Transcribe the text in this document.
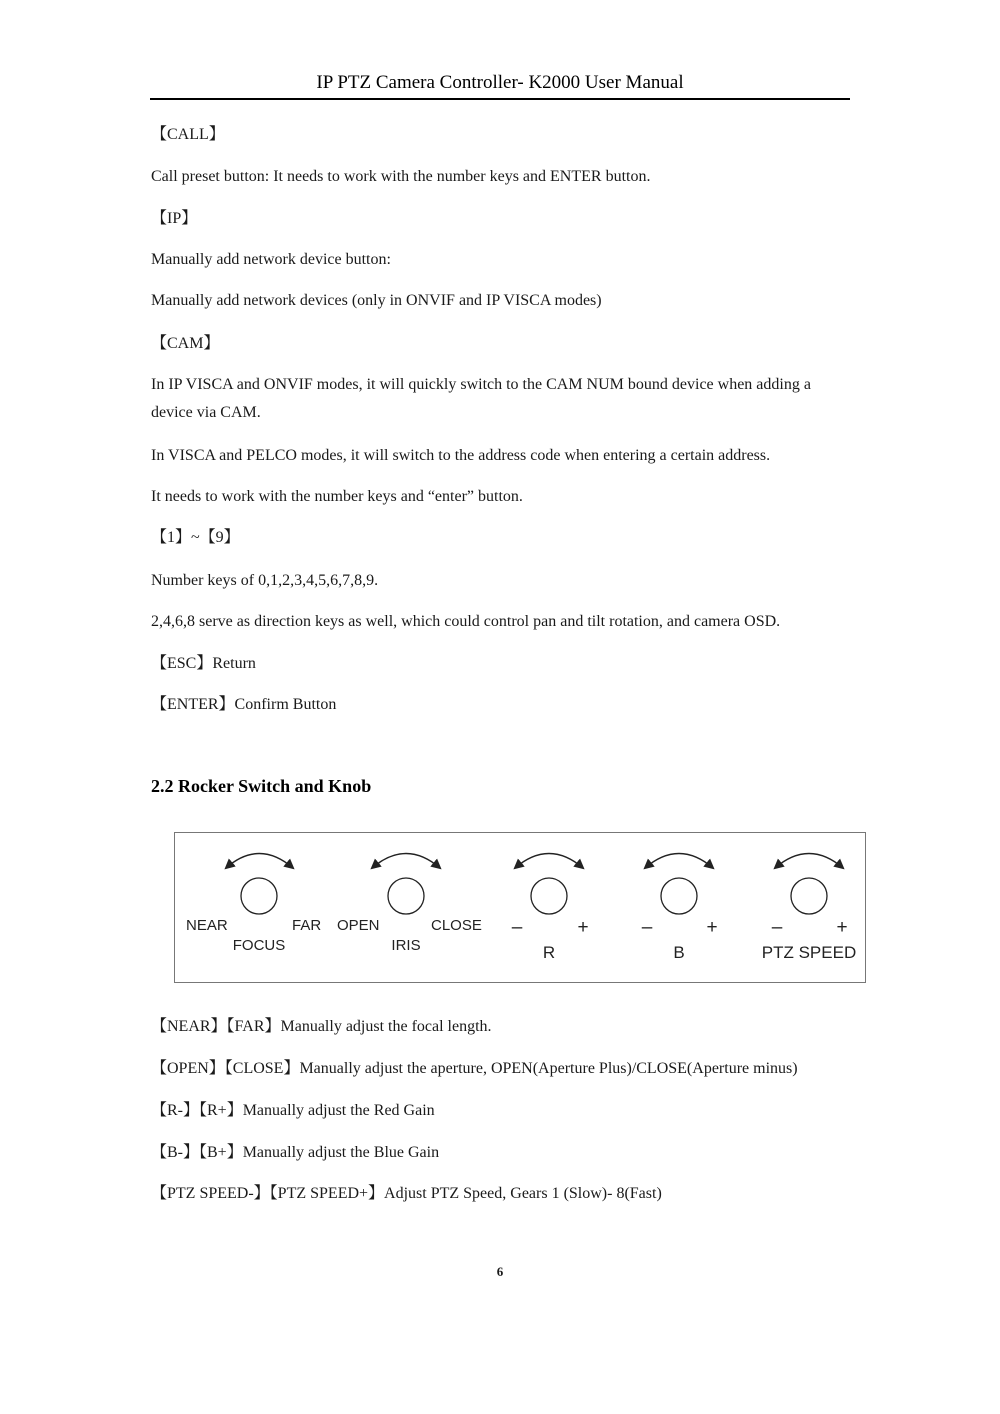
IP PTZ Camera Controller- K2000 User Manual
【CALL】
Call preset button: It needs to work with the number keys and ENTER button.
【IP】
Manually add network device button:
Manually add network devices (only in ONVIF and IP VISCA modes)
【CAM】
In IP VISCA and ONVIF modes, it will quickly switch to the CAM NUM bound device when adding a device via CAM.
In VISCA and PELCO modes, it will switch to the address code when entering a certain address.
It needs to work with the number keys and “enter” button.
【1】~【9】
Number keys of 0,1,2,3,4,5,6,7,8,9.
2,4,6,8 serve as direction keys as well, which could control pan and tilt rotation, and camera OSD.
【ESC】Return
【ENTER】Confirm Button
2.2 Rocker Switch and Knob
NEAR	FAR
FOCUS
OPEN	CLOSE
IRIS
–	+
R
–	+
B
–	+
PTZ SPEED
【NEAR】【FAR】Manually adjust the focal length.
【OPEN】【CLOSE】Manually adjust the aperture, OPEN(Aperture Plus)/CLOSE(Aperture minus)
【R-】【R+】Manually adjust the Red Gain
【B-】【B+】Manually adjust the Blue Gain
【PTZ SPEED-】【PTZ SPEED+】Adjust PTZ Speed, Gears 1 (Slow)- 8(Fast)
6
